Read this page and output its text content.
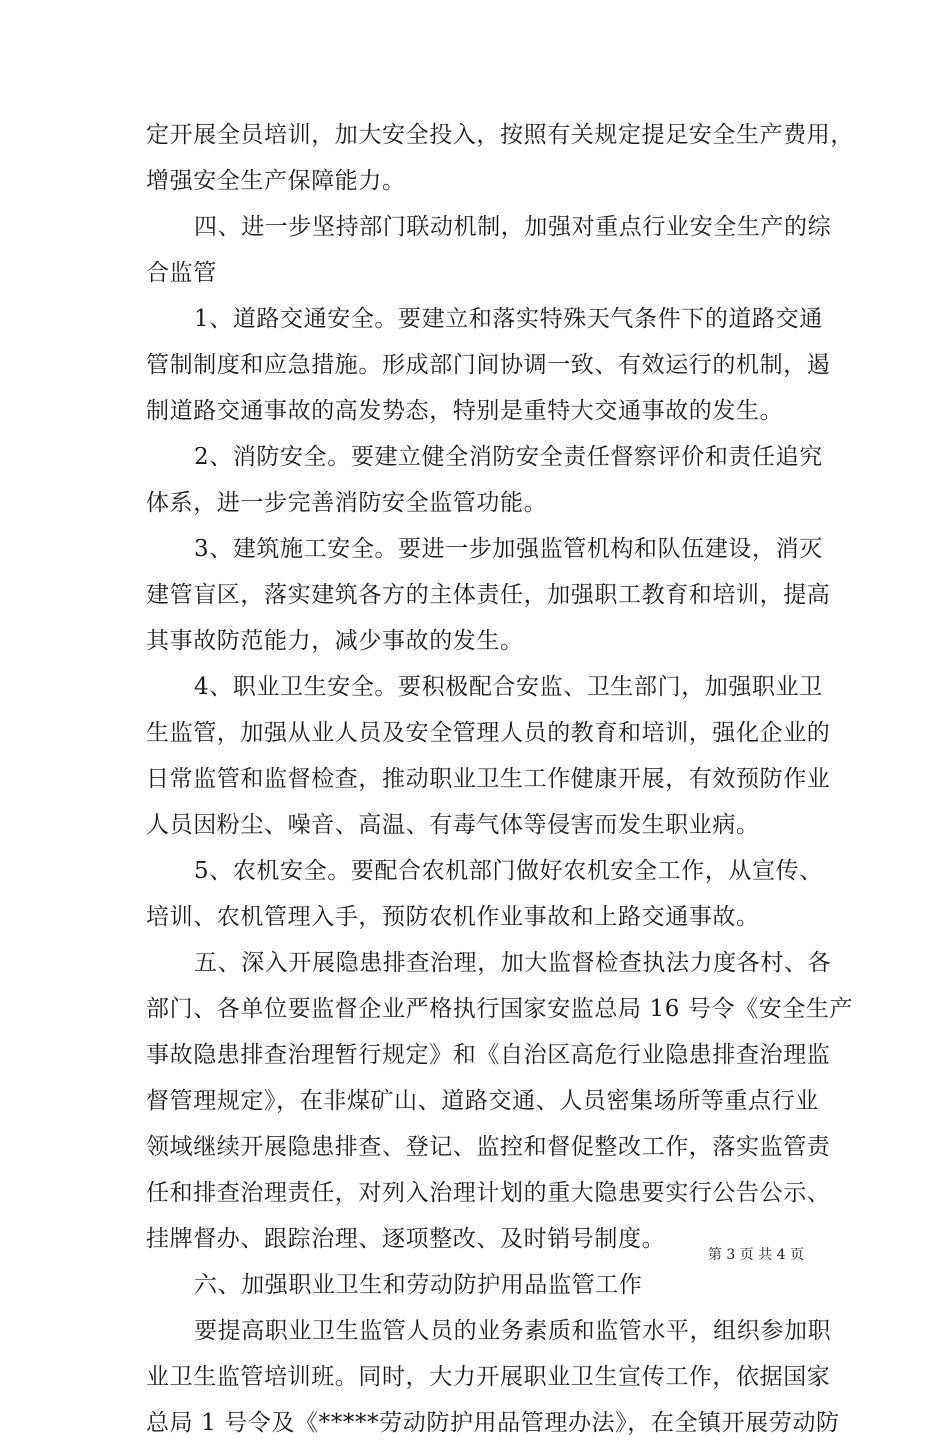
定开展全员培训，加大安全投入，按照有关规定提足安全生产费用，
增强安全生产保障能力。
四、进一步坚持部门联动机制，加强对重点行业安全生产的综
合监管
1、道路交通安全。要建立和落实特殊天气条件下的道路交通
管制制度和应急措施。形成部门间协调一致、有效运行的机制，遏
制道路交通事故的高发势态，特别是重特大交通事故的发生。
2、消防安全。要建立健全消防安全责任督察评价和责任追究
体系，进一步完善消防安全监管功能。
3、建筑施工安全。要进一步加强监管机构和队伍建设，消灭
建管盲区，落实建筑各方的主体责任，加强职工教育和培训，提高
其事故防范能力，减少事故的发生。
4、职业卫生安全。要积极配合安监、卫生部门，加强职业卫
生监管，加强从业人员及安全管理人员的教育和培训，强化企业的
日常监管和监督检查，推动职业卫生工作健康开展，有效预防作业
人员因粉尘、噪音、高温、有毒气体等侵害而发生职业病。
5、农机安全。要配合农机部门做好农机安全工作，从宣传、
培训、农机管理入手，预防农机作业事故和上路交通事故。
五、深入开展隐患排查治理，加大监督检查执法力度各村、各
部门、各单位要监督企业严格执行国家安监总局 16 号令《安全生产
事故隐患排查治理暂行规定》和《自治区高危行业隐患排查治理监
督管理规定》，在非煤矿山、道路交通、人员密集场所等重点行业
领域继续开展隐患排查、登记、监控和督促整改工作，落实监管责
任和排查治理责任，对列入治理计划的重大隐患要实行公告公示、
挂牌督办、跟踪治理、逐项整改、及时销号制度。
六、加强职业卫生和劳动防护用品监管工作
要提高职业卫生监管人员的业务素质和监管水平，组织参加职
业卫生监管培训班。同时，大力开展职业卫生宣传工作，依据国家
总局 1 号令及《*****劳动防护用品管理办法》，在全镇开展劳动防
第 3 页 共 4 页
